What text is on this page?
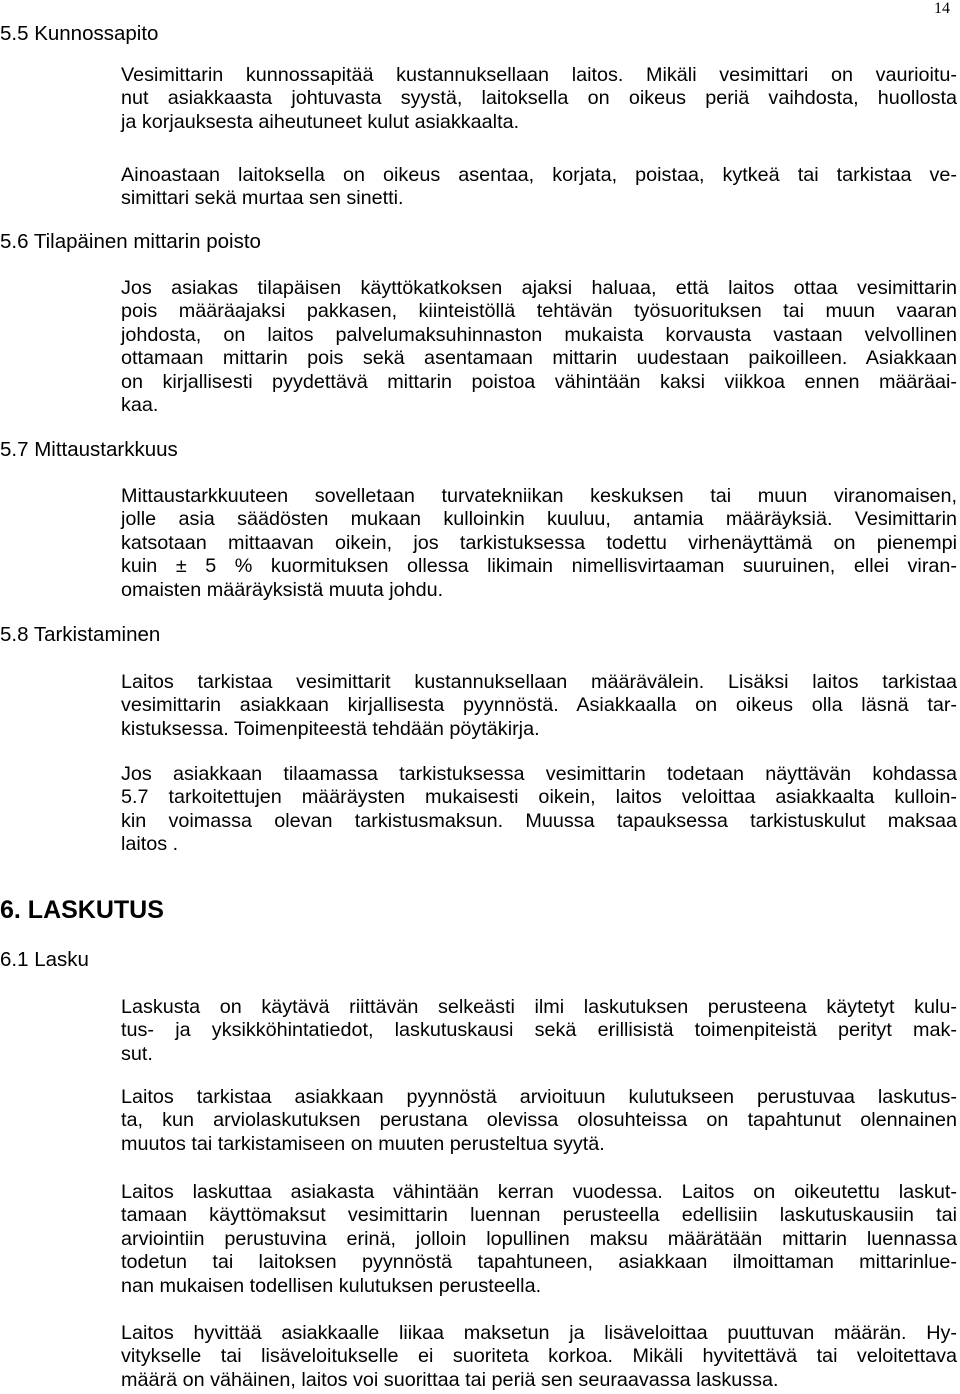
14
5.5 Kunnossapito
Vesimittarin kunnossapitää kustannuksellaan laitos. Mikäli vesimittari on vaurioitu-
nut asiakkaasta johtuvasta syystä, laitoksella on oikeus periä vaihdosta, huollosta
ja korjauksesta aiheutuneet kulut asiakkaalta.
Ainoastaan laitoksella on oikeus asentaa, korjata, poistaa, kytkeä tai tarkistaa ve-
simittari sekä murtaa sen sinetti.
5.6 Tilapäinen mittarin poisto
Jos asiakas tilapäisen käyttökatkoksen ajaksi haluaa, että laitos ottaa vesimittarin
pois määräajaksi pakkasen, kiinteistöllä tehtävän työsuorituksen tai muun vaaran
johdosta, on laitos palvelumaksuhinnaston mukaista korvausta vastaan velvollinen
ottamaan mittarin pois sekä asentamaan mittarin uudestaan paikoilleen. Asiakkaan
on kirjallisesti pyydettävä mittarin poistoa vähintään kaksi viikkoa ennen määräai-
kaa.
5.7 Mittaustarkkuus
Mittaustarkkuuteen sovelletaan turvatekniikan keskuksen tai muun viranomaisen,
jolle asia säädösten mukaan kulloinkin kuuluu, antamia määräyksiä. Vesimittarin
katsotaan mittaavan oikein, jos tarkistuksessa todettu virhenäyttämä on pienempi
kuin ± 5 % kuormituksen ollessa likimain nimellisvirtaaman suuruinen, ellei viran-
omaisten määräyksistä muuta johdu.
5.8 Tarkistaminen
Laitos tarkistaa vesimittarit kustannuksellaan määrävälein. Lisäksi laitos tarkistaa
vesimittarin asiakkaan kirjallisesta pyynnöstä. Asiakkaalla on oikeus olla läsnä tar-
kistuksessa. Toimenpiteestä tehdään pöytäkirja.
Jos asiakkaan tilaamassa tarkistuksessa vesimittarin todetaan näyttävän kohdassa
5.7 tarkoitettujen määräysten mukaisesti oikein, laitos veloittaa asiakkaalta kulloin-
kin voimassa olevan tarkistusmaksun. Muussa tapauksessa tarkistuskulut maksaa
laitos .
6. LASKUTUS
6.1 Lasku
Laskusta on käytävä riittävän selkeästi ilmi laskutuksen perusteena käytetyt kulu-
tus- ja yksikköhintatiedot, laskutuskausi sekä erillisistä toimenpiteistä perityt mak-
sut.
Laitos tarkistaa asiakkaan pyynnöstä arvioituun kulutukseen perustuvaa laskutus-
ta, kun arviolaskutuksen perustana olevissa olosuhteissa on tapahtunut olennainen
muutos tai tarkistamiseen on muuten perusteltua syytä.
Laitos laskuttaa asiakasta vähintään kerran vuodessa. Laitos on oikeutettu laskut-
tamaan käyttömaksut vesimittarin luennan perusteella edellisiin laskutuskausiin tai
arviointiin perustuvina erinä, jolloin lopullinen maksu määrätään mittarin luennassa
todetun tai laitoksen pyynnöstä tapahtuneen, asiakkaan ilmoittaman mittarinlue-
nan mukaisen todellisen kulutuksen perusteella.
Laitos hyvittää asiakkaalle liikaa maksetun ja lisäveloittaa puuttuvan määrän. Hy-
vitykselle tai lisäveloitukselle ei suoriteta korkoa. Mikäli hyvitettävä tai veloitettava
määrä on vähäinen, laitos voi suorittaa tai periä sen seuraavassa laskussa.
